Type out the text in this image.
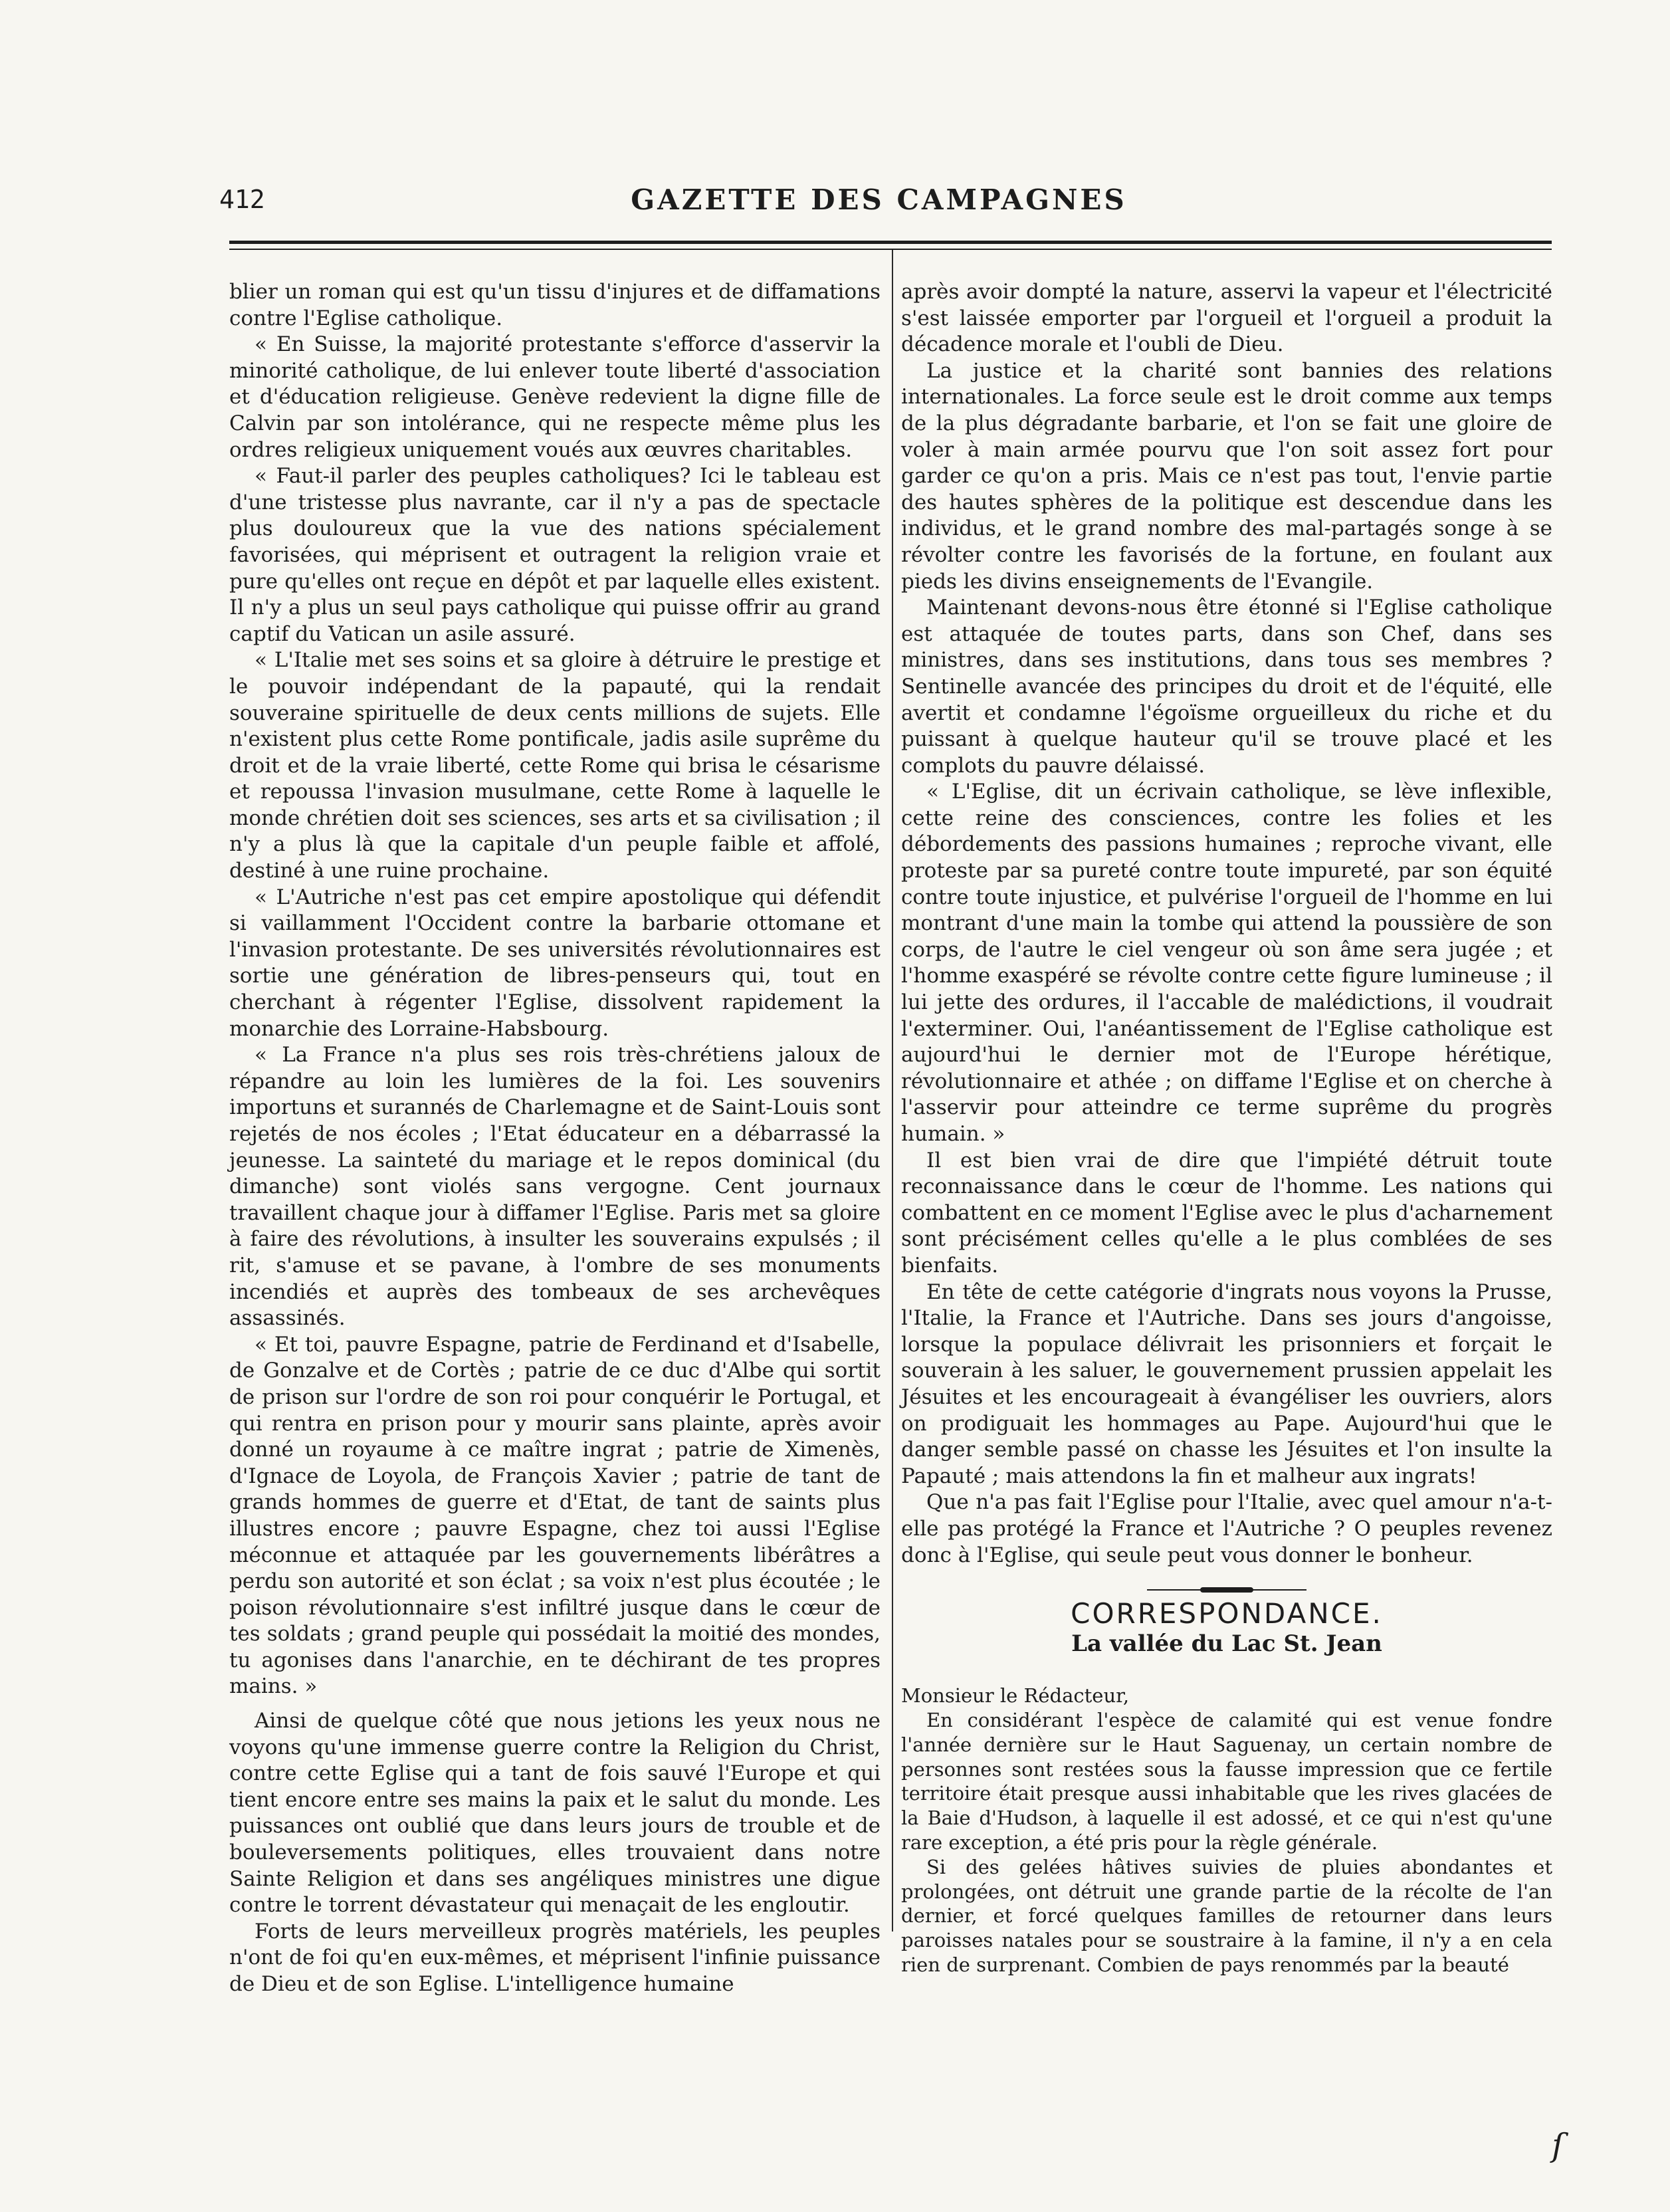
412	GAZETTE DES CAMPAGNES

blier un roman qui est qu'un tissu d'injures et de diffamations contre l'Eglise catholique.

« En Suisse, la majorité protestante s'efforce d'asservir la minorité catholique, de lui enlever toute liberté d'association et d'éducation religieuse. Genève redevient la digne fille de Calvin par son intolérance, qui ne respecte même plus les ordres religieux uniquement voués aux œuvres charitables.

« Faut-il parler des peuples catholiques? Ici le tableau est d'une tristesse plus navrante, car il n'y a pas de spectacle plus douloureux que la vue des nations spécialement favorisées, qui méprisent et outragent la religion vraie et pure qu'elles ont reçue en dépôt et par laquelle elles existent. Il n'y a plus un seul pays catholique qui puisse offrir au grand captif du Vatican un asile assuré.

« L'Italie met ses soins et sa gloire à détruire le prestige et le pouvoir indépendant de la papauté, qui la rendait souveraine spirituelle de deux cents millions de sujets. Elle n'existent plus cette Rome pontificale, jadis asile suprême du droit et de la vraie liberté, cette Rome qui brisa le césarisme et repoussa l'invasion musulmane, cette Rome à laquelle le monde chrétien doit ses sciences, ses arts et sa civilisation ; il n'y a plus là que la capitale d'un peuple faible et affolé, destiné à une ruine prochaine.

« L'Autriche n'est pas cet empire apostolique qui défendit si vaillamment l'Occident contre la barbarie ottomane et l'invasion protestante. De ses universités révolutionnaires est sortie une génération de libres-penseurs qui, tout en cherchant à régenter l'Eglise, dissolvent rapidement la monarchie des Lorraine-Habsbourg.

« La France n'a plus ses rois très-chrétiens jaloux de répandre au loin les lumières de la foi. Les souvenirs importuns et surannés de Charlemagne et de Saint-Louis sont rejetés de nos écoles ; l'Etat éducateur en a débarrassé la jeunesse. La sainteté du mariage et le repos dominical (du dimanche) sont violés sans vergogne. Cent journaux travaillent chaque jour à diffamer l'Eglise. Paris met sa gloire à faire des révolutions, à insulter les souverains expulsés ; il rit, s'amuse et se pavane, à l'ombre de ses monuments incendiés et auprès des tombeaux de ses archevêques assassinés.

« Et toi, pauvre Espagne, patrie de Ferdinand et d'Isabelle, de Gonzalve et de Cortès ; patrie de ce duc d'Albe qui sortit de prison sur l'ordre de son roi pour conquérir le Portugal, et qui rentra en prison pour y mourir sans plainte, après avoir donné un royaume à ce maître ingrat ; patrie de Ximenès, d'Ignace de Loyola, de François Xavier ; patrie de tant de grands hommes de guerre et d'Etat, de tant de saints plus illustres encore ; pauvre Espagne, chez toi aussi l'Eglise méconnue et attaquée par les gouvernements libérâtres a perdu son autorité et son éclat ; sa voix n'est plus écoutée ; le poison révolutionnaire s'est infiltré jusque dans le cœur de tes soldats ; grand peuple qui possédait la moitié des mondes, tu agonises dans l'anarchie, en te déchirant de tes propres mains. »

Ainsi de quelque côté que nous jetions les yeux nous ne voyons qu'une immense guerre contre la Religion du Christ, contre cette Eglise qui a tant de fois sauvé l'Europe et qui tient encore entre ses mains la paix et le salut du monde. Les puissances ont oublié que dans leurs jours de trouble et de bouleversements politiques, elles trouvaient dans notre Sainte Religion et dans ses angéliques ministres une digue contre le torrent dévastateur qui menaçait de les engloutir.

Forts de leurs merveilleux progrès matériels, les peuples n'ont de foi qu'en eux-mêmes, et méprisent l'infinie puissance de Dieu et de son Eglise. L'intelligence humaine

après avoir dompté la nature, asservi la vapeur et l'électricité s'est laissée emporter par l'orgueil et l'orgueil a produit la décadence morale et l'oubli de Dieu.

La justice et la charité sont bannies des relations internationales. La force seule est le droit comme aux temps de la plus dégradante barbarie, et l'on se fait une gloire de voler à main armée pourvu que l'on soit assez fort pour garder ce qu'on a pris. Mais ce n'est pas tout, l'envie partie des hautes sphères de la politique est descendue dans les individus, et le grand nombre des mal-partagés songe à se révolter contre les favorisés de la fortune, en foulant aux pieds les divins enseignements de l'Evangile.

Maintenant devons-nous être étonné si l'Eglise catholique est attaquée de toutes parts, dans son Chef, dans ses ministres, dans ses institutions, dans tous ses membres ? Sentinelle avancée des principes du droit et de l'équité, elle avertit et condamne l'égoïsme orgueilleux du riche et du puissant à quelque hauteur qu'il se trouve placé et les complots du pauvre délaissé.

« L'Eglise, dit un écrivain catholique, se lève inflexible, cette reine des consciences, contre les folies et les débordements des passions humaines ; reproche vivant, elle proteste par sa pureté contre toute impureté, par son équité contre toute injustice, et pulvérise l'orgueil de l'homme en lui montrant d'une main la tombe qui attend la poussière de son corps, de l'autre le ciel vengeur où son âme sera jugée ; et l'homme exaspéré se révolte contre cette figure lumineuse ; il lui jette des ordures, il l'accable de malédictions, il voudrait l'exterminer. Oui, l'anéantissement de l'Eglise catholique est aujourd'hui le dernier mot de l'Europe hérétique, révolutionnaire et athée ; on diffame l'Eglise et on cherche à l'asservir pour atteindre ce terme suprême du progrès humain. »

Il est bien vrai de dire que l'impiété détruit toute reconnaissance dans le cœur de l'homme. Les nations qui combattent en ce moment l'Eglise avec le plus d'acharnement sont précisément celles qu'elle a le plus comblées de ses bienfaits.

En tête de cette catégorie d'ingrats nous voyons la Prusse, l'Italie, la France et l'Autriche. Dans ses jours d'angoisse, lorsque la populace délivrait les prisonniers et forçait le souverain à les saluer, le gouvernement prussien appelait les Jésuites et les encourageait à évangéliser les ouvriers, alors on prodiguait les hommages au Pape. Aujourd'hui que le danger semble passé on chasse les Jésuites et l'on insulte la Papauté ; mais attendons la fin et malheur aux ingrats!

Que n'a pas fait l'Eglise pour l'Italie, avec quel amour n'a-t-elle pas protégé la France et l'Autriche ? O peuples revenez donc à l'Eglise, qui seule peut vous donner le bonheur.

CORRESPONDANCE.
La vallée du Lac St. Jean

Monsieur le Rédacteur,

En considérant l'espèce de calamité qui est venue fondre l'année dernière sur le Haut Saguenay, un certain nombre de personnes sont restées sous la fausse impression que ce fertile territoire était presque aussi inhabitable que les rives glacées de la Baie d'Hudson, à laquelle il est adossé, et ce qui n'est qu'une rare exception, a été pris pour la règle générale.

Si des gelées hâtives suivies de pluies abondantes et prolongées, ont détruit une grande partie de la récolte de l'an dernier, et forcé quelques familles de retourner dans leurs paroisses natales pour se soustraire à la famine, il n'y a en cela rien de surprenant. Combien de pays renommés par la beauté

ſ
